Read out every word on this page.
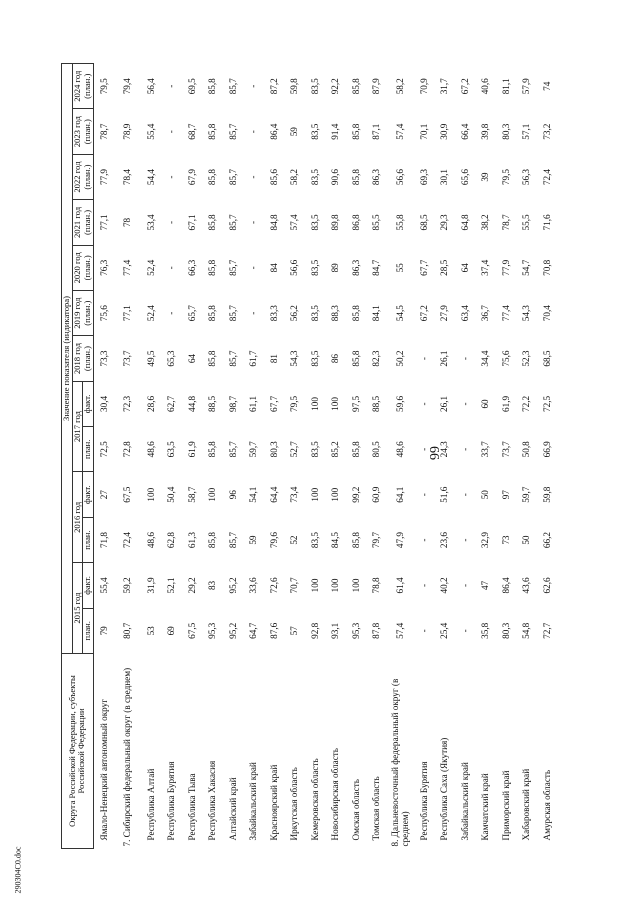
66
290304C0.doc
Округа Российской Федерации, субъекты Российской Федерации	Значение показателя (индикатора)												
	2015 год		2016 год		2017 год		2018 год (план.)	2019 год (план.)	2020 год (план.)	2021 год (план.)	2022 год (план.)	2023 год (план.)	2024 год (план.)
	план.	факт.	план.	факт.	план.	факт.							
Ямало-Ненецкий автономный округ	79	55,4	71,8	27	72,5	30,4	73,3	75,6	76,3	77,1	77,9	78,7	79,5
7. Сибирский федеральный округ (в среднем)	80,7	59,2	72,4	67,5	72,8	72,3	73,7	77,1	77,4	78	78,4	78,9	79,4
Республика Алтай	53	31,9	48,6	100	48,6	28,6	49,5	52,4	52,4	53,4	54,4	55,4	56,4
Республика Бурятия	69	52,1	62,8	50,4	63,5	62,7	65,3	-	-	-	-	-	-
Республика Тыва	67,5	29,2	61,3	58,7	61,9	44,8	64	65,7	66,3	67,1	67,9	68,7	69,5
Республика Хакасия	95,3	83	85,8	100	85,8	88,5	85,8	85,8	85,8	85,8	85,8	85,8	85,8
Алтайский край	95,2	95,2	85,7	96	85,7	98,7	85,7	85,7	85,7	85,7	85,7	85,7	85,7
Забайкальский край	64,7	33,6	59	54,1	59,7	61,1	61,7	-	-	-	-	-	-
Красноярский край	87,6	72,6	79,6	64,4	80,3	67,7	81	83,3	84	84,8	85,6	86,4	87,2
Иркутская область	57	70,7	52	73,4	52,7	79,5	54,3	56,2	56,6	57,4	58,2	59	59,8
Кемеровская область	92,8	100	83,5	100	83,5	100	83,5	83,5	83,5	83,5	83,5	83,5	83,5
Новосибирская область	93,1	100	84,5	100	85,2	100	86	88,3	89	89,8	90,6	91,4	92,2
Омская область	95,3	100	85,8	99,2	85,8	97,5	85,8	85,8	86,3	86,8	85,8	85,8	85,8
Томская область	87,8	78,8	79,7	60,9	80,5	88,5	82,3	84,1	84,7	85,5	86,3	87,1	87,9
8. Дальневосточный федеральный округ (в среднем)	57,4	61,4	47,9	64,1	48,6	59,6	50,2	54,5	55	55,8	56,6	57,4	58,2
Республика Бурятия	-	-	-	-	-	-	-	67,2	67,7	68,5	69,3	70,1	70,9
Республика Саха (Якутия)	25,4	40,2	23,6	51,6	24,3	26,1	26,1	27,9	28,5	29,3	30,1	30,9	31,7
Забайкальский край	-	-	-	-	-	-	-	63,4	64	64,8	65,6	66,4	67,2
Камчатский край	35,8	47	32,9	50	33,7	60	34,4	36,7	37,4	38,2	39	39,8	40,6
Приморский край	80,3	86,4	73	97	73,7	61,9	75,6	77,4	77,9	78,7	79,5	80,3	81,1
Хабаровский край	54,8	43,6	50	59,7	50,8	72,2	52,3	54,3	54,7	55,5	56,3	57,1	57,9
Амурская область	72,7	62,6	66,2	59,8	66,9	72,5	68,5	70,4	70,8	71,6	72,4	73,2	74
